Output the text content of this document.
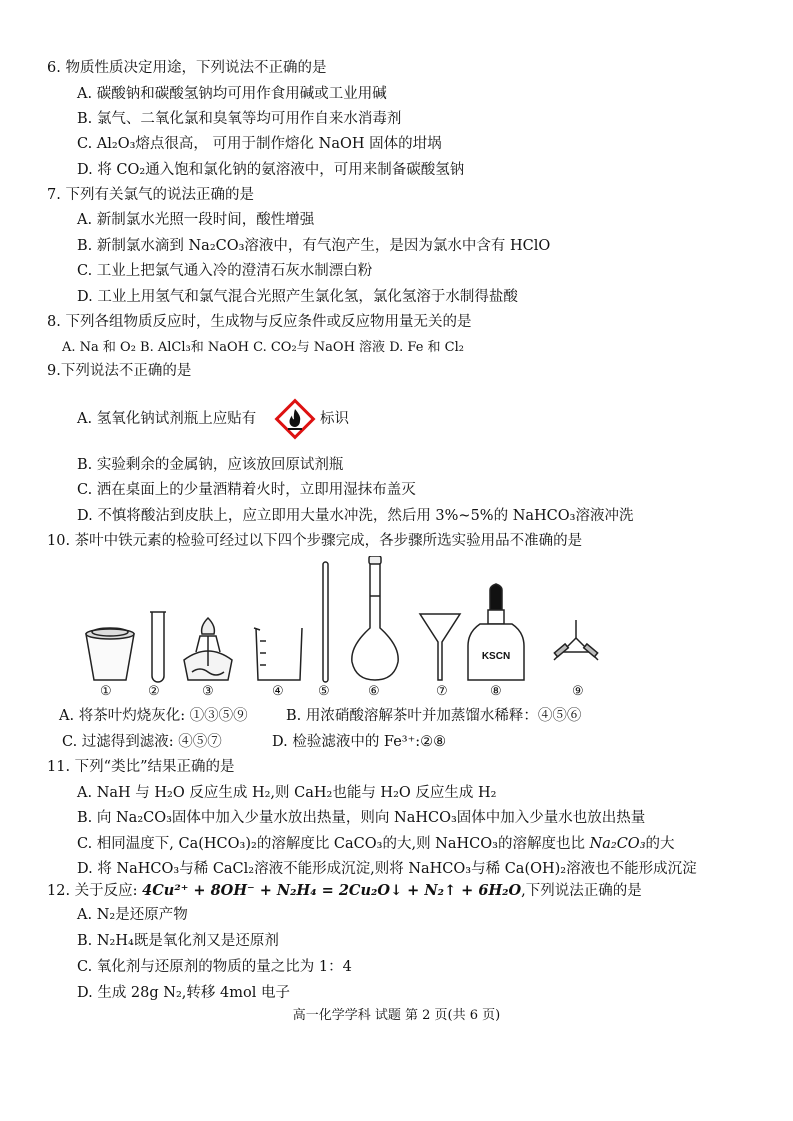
6. 物质性质决定用途，下列说法不正确的是
A. 碳酸钠和碳酸氢钠均可用作食用碱或工业用碱
B. 氯气、二氧化氯和臭氧等均可用作自来水消毒剂
C. Al₂O₃熔点很高， 可用于制作熔化 NaOH 固体的坩埚
D. 将 CO₂通入饱和氯化钠的氨溶液中，可用来制备碳酸氢钠
7. 下列有关氯气的说法正确的是
A. 新制氯水光照一段时间，酸性增强
B. 新制氯水滴到 Na₂CO₃溶液中，有气泡产生，是因为氯水中含有 HClO
C. 工业上把氯气通入冷的澄清石灰水制漂白粉
D. 工业上用氢气和氯气混合光照产生氯化氢，氯化氢溶于水制得盐酸
8. 下列各组物质反应时，生成物与反应条件或反应物用量无关的是
A. Na 和 O₂ B. AlCl₃和 NaOH C. CO₂与 NaOH 溶液 D. Fe 和 Cl₂
9.下列说法不正确的是
A. 氢氧化钠试剂瓶上应贴有	标识
B. 实验剩余的金属钠，应该放回原试剂瓶
C. 洒在桌面上的少量酒精着火时，立即用湿抹布盖灭
D. 不慎将酸沾到皮肤上，应立即用大量水冲洗，然后用 3%~5%的 NaHCO₃溶液冲洗
10. 茶叶中铁元素的检验可经过以下四个步骤完成，各步骤所选实验用品不准确的是
KSCN
①	②	③	④	⑤	⑥	⑦	⑧	⑨
A. 将茶叶灼烧灰化: ①③⑤⑨	B. 用浓硝酸溶解茶叶并加蒸馏水稀释：④⑤⑥
C. 过滤得到滤液: ④⑤⑦	D. 检验滤液中的 Fe³⁺:②⑧
11. 下列“类比”结果正确的是
A. NaH 与 H₂O 反应生成 H₂,则 CaH₂也能与 H₂O 反应生成 H₂
B. 向 Na₂CO₃固体中加入少量水放出热量，则向 NaHCO₃固体中加入少量水也放出热量
C. 相同温度下, Ca(HCO₃)₂的溶解度比 CaCO₃的大,则 NaHCO₃的溶解度也比 Na₂CO₃的大
D. 将 NaHCO₃与稀 CaCl₂溶液不能形成沉淀,则将 NaHCO₃与稀 Ca(OH)₂溶液也不能形成沉淀
12. 关于反应: 4Cu²⁺ + 8OH⁻ + N₂H₄ = 2Cu₂O↓ + N₂↑ + 6H₂O,下列说法正确的是
A. N₂是还原产物
B. N₂H₄既是氧化剂又是还原剂
C. 氧化剂与还原剂的物质的量之比为 1：4
D. 生成 28g N₂,转移 4mol 电子
高一化学学科 试题 第 2 页(共 6 页)
